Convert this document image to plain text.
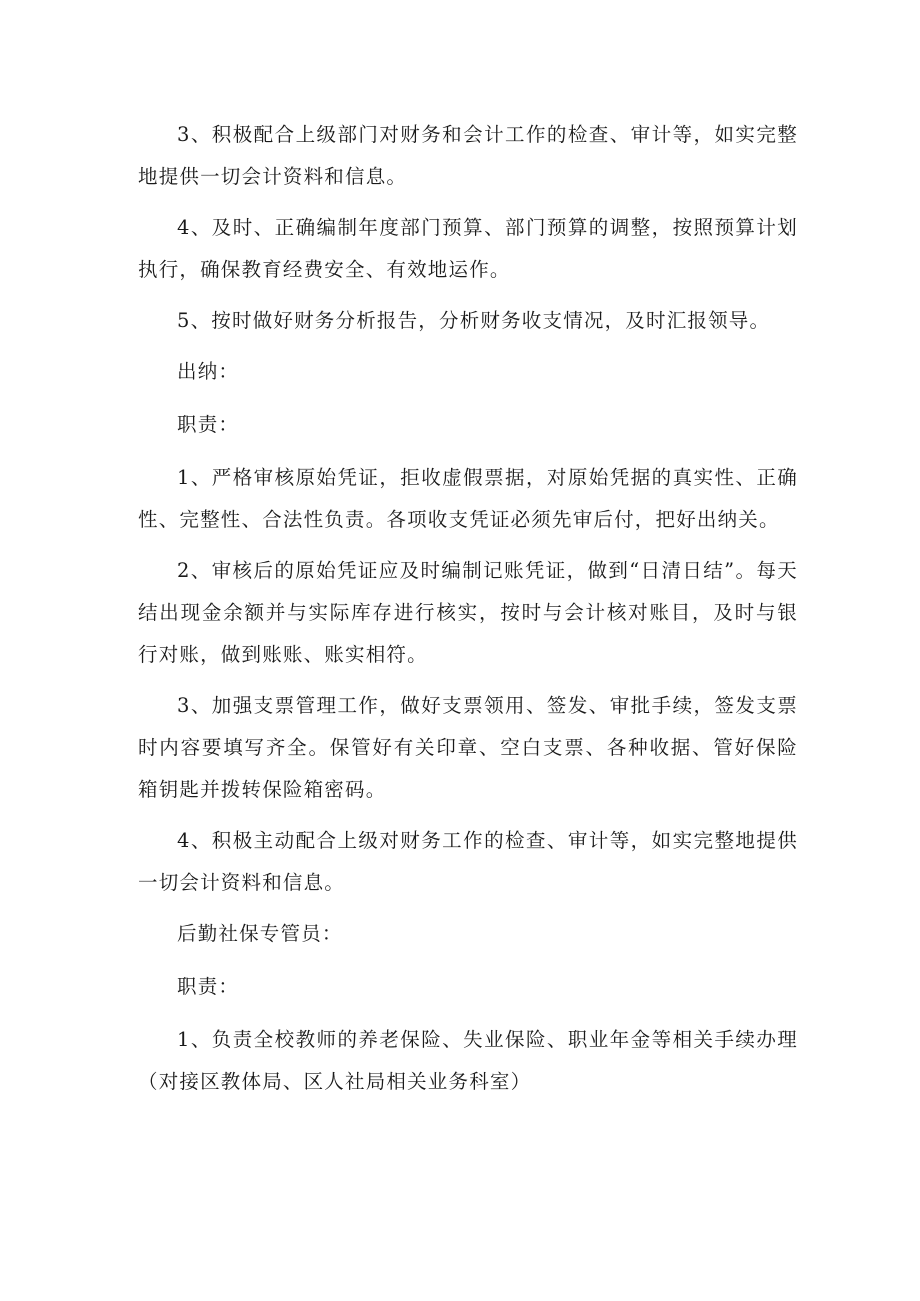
3、积极配合上级部门对财务和会计工作的检查、审计等，如实完整地提供一切会计资料和信息。

4、及时、正确编制年度部门预算、部门预算的调整，按照预算计划执行，确保教育经费安全、有效地运作。

5、按时做好财务分析报告，分析财务收支情况，及时汇报领导。

出纳：

职责：

1、严格审核原始凭证，拒收虚假票据，对原始凭据的真实性、正确性、完整性、合法性负责。各项收支凭证必须先审后付，把好出纳关。

2、审核后的原始凭证应及时编制记账凭证，做到“日清日结”。每天结出现金余额并与实际库存进行核实，按时与会计核对账目，及时与银行对账，做到账账、账实相符。

3、加强支票管理工作，做好支票领用、签发、审批手续，签发支票时内容要填写齐全。保管好有关印章、空白支票、各种收据、管好保险箱钥匙并拨转保险箱密码。

4、积极主动配合上级对财务工作的检查、审计等，如实完整地提供一切会计资料和信息。

后勤社保专管员：

职责：

1、负责全校教师的养老保险、失业保险、职业年金等相关手续办理（对接区教体局、区人社局相关业务科室）
